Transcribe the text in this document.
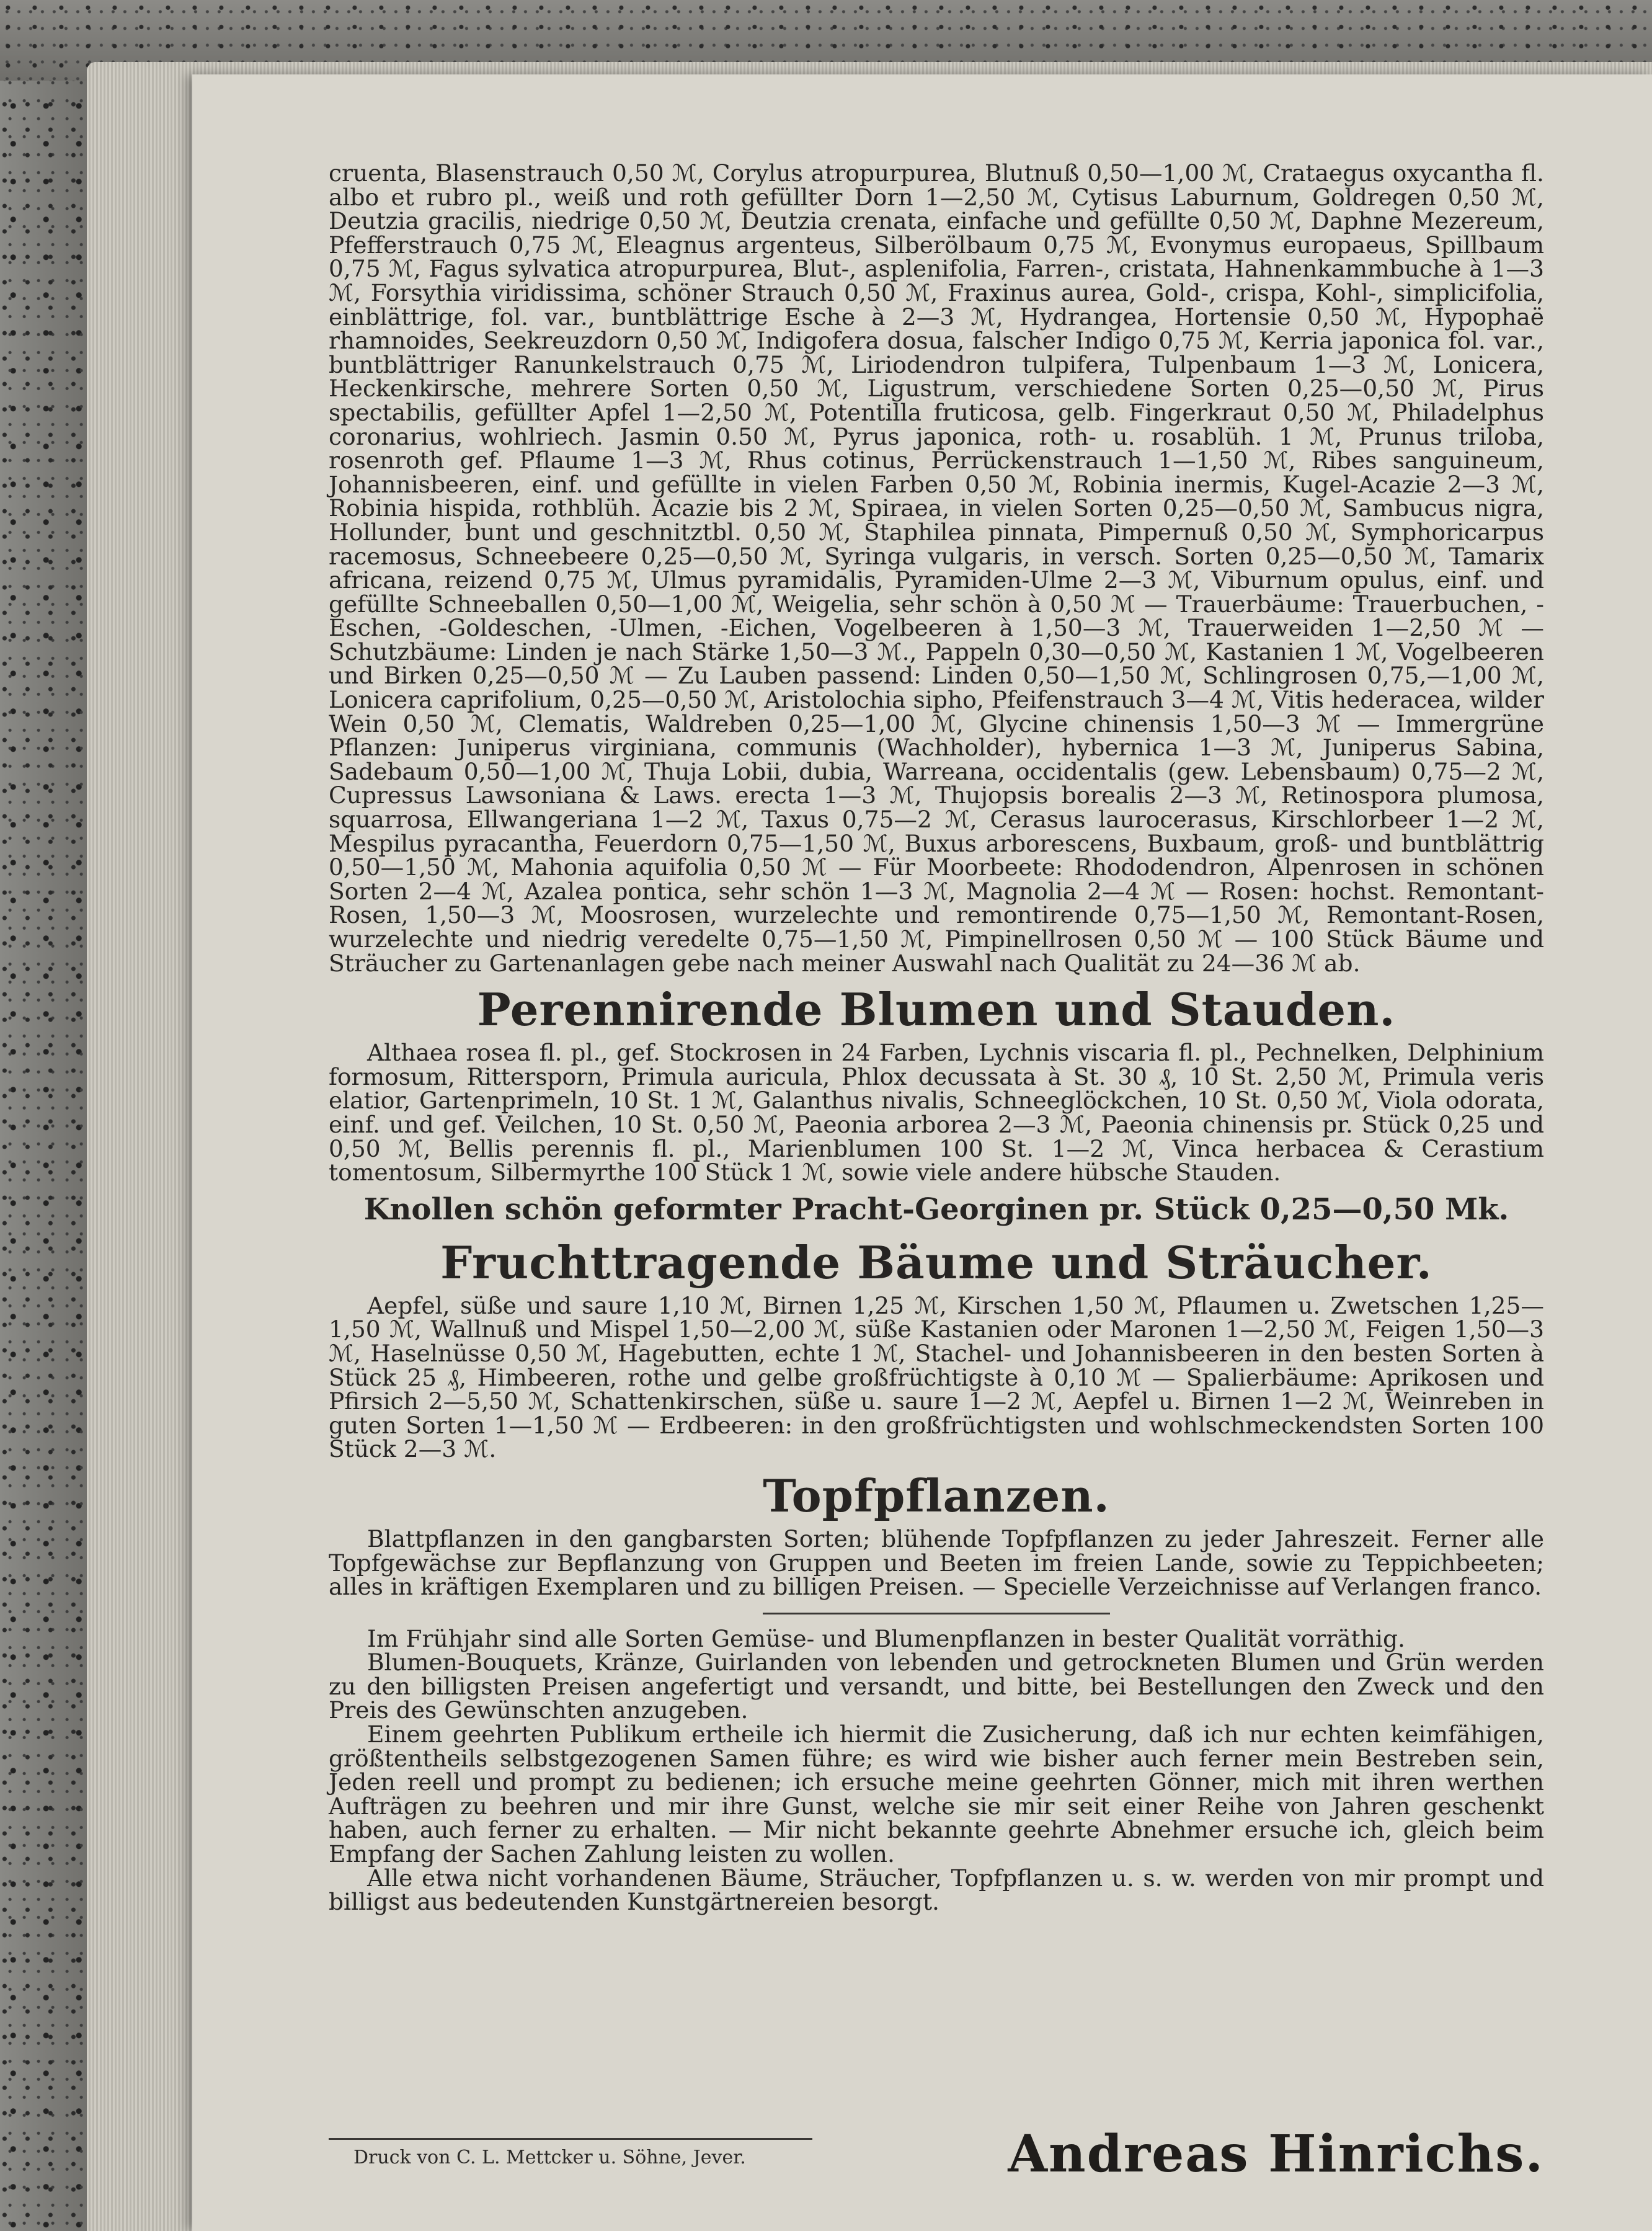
cruenta, Blasenstrauch 0,50 ℳ, Corylus atropurpurea, Blutnuß 0,50—1,00 ℳ, Crataegus oxycantha fl. albo et rubro pl., weiß und roth gefüllter Dorn 1—2,50 ℳ, Cytisus Laburnum, Goldregen 0,50 ℳ, Deutzia gracilis, niedrige 0,50 ℳ, Deutzia crenata, einfache und gefüllte 0,50 ℳ, Daphne Mezereum, Pfefferstrauch 0,75 ℳ, Eleagnus argenteus, Silberölbaum 0,75 ℳ, Evonymus europaeus, Spillbaum 0,75 ℳ, Fagus sylvatica atropurpurea, Blut-, asplenifolia, Farren-, cristata, Hahnenkammbuche à 1—3 ℳ, Forsythia viridissima, schöner Strauch 0,50 ℳ, Fraxinus aurea, Gold-, crispa, Kohl-, simplicifolia, einblättrige, fol. var., buntblättrige Esche à 2—3 ℳ, Hydrangea, Hortensie 0,50 ℳ, Hypophaë rhamnoides, Seekreuzdorn 0,50 ℳ, Indigofera dosua, falscher Indigo 0,75 ℳ, Kerria japonica fol. var., buntblättriger Ranunkelstrauch 0,75 ℳ, Liriodendron tulpifera, Tulpenbaum 1—3 ℳ, Lonicera, Heckenkirsche, mehrere Sorten 0,50 ℳ, Ligustrum, verschiedene Sorten 0,25—0,50 ℳ, Pirus spectabilis, gefüllter Apfel 1—2,50 ℳ, Potentilla fruticosa, gelb. Fingerkraut 0,50 ℳ, Philadelphus coronarius, wohlriech. Jasmin 0.50 ℳ, Pyrus japonica, roth- u. rosablüh. 1 ℳ, Prunus triloba, rosenroth gef. Pflaume 1—3 ℳ, Rhus cotinus, Perrückenstrauch 1—1,50 ℳ, Ribes sanguineum, Johannisbeeren, einf. und gefüllte in vielen Farben 0,50 ℳ, Robinia inermis, Kugel-Acazie 2—3 ℳ, Robinia hispida, rothblüh. Acazie bis 2 ℳ, Spiraea, in vielen Sorten 0,25—0,50 ℳ, Sambucus nigra, Hollunder, bunt und geschnitztbl. 0,50 ℳ, Staphilea pinnata, Pimpernuß 0,50 ℳ, Symphoricarpus racemosus, Schneebeere 0,25—0,50 ℳ, Syringa vulgaris, in versch. Sorten 0,25—0,50 ℳ, Tamarix africana, reizend 0,75 ℳ, Ulmus pyramidalis, Pyramiden-Ulme 2—3 ℳ, Viburnum opulus, einf. und gefüllte Schneeballen 0,50—1,00 ℳ, Weigelia, sehr schön à 0,50 ℳ — Trauerbäume: Trauerbuchen, -Eschen, -Goldeschen, -Ulmen, -Eichen, Vogelbeeren à 1,50—3 ℳ, Trauerweiden 1—2,50 ℳ — Schutzbäume: Linden je nach Stärke 1,50—3 ℳ., Pappeln 0,30—0,50 ℳ, Kastanien 1 ℳ, Vogelbeeren und Birken 0,25—0,50 ℳ — Zu Lauben passend: Linden 0,50—1,50 ℳ, Schlingrosen 0,75,—1,00 ℳ, Lonicera caprifolium, 0,25—0,50 ℳ, Aristolochia sipho, Pfeifenstrauch 3—4 ℳ, Vitis hederacea, wilder Wein 0,50 ℳ, Clematis, Waldreben 0,25—1,00 ℳ, Glycine chinensis 1,50—3 ℳ — Immergrüne Pflanzen: Juniperus virginiana, communis (Wachholder), hybernica 1—3 ℳ, Juniperus Sabina, Sadebaum 0,50—1,00 ℳ, Thuja Lobii, dubia, Warreana, occidentalis (gew. Lebensbaum) 0,75—2 ℳ, Cupressus Lawsoniana & Laws. erecta 1—3 ℳ, Thujopsis borealis 2—3 ℳ, Retinospora plumosa, squarrosa, Ellwangeriana 1—2 ℳ, Taxus 0,75—2 ℳ, Cerasus laurocerasus, Kirschlorbeer 1—2 ℳ, Mespilus pyracantha, Feuerdorn 0,75—1,50 ℳ, Buxus arborescens, Buxbaum, groß- und buntblättrig 0,50—1,50 ℳ, Mahonia aquifolia 0,50 ℳ — Für Moorbeete: Rhododendron, Alpenrosen in schönen Sorten 2—4 ℳ, Azalea pontica, sehr schön 1—3 ℳ, Magnolia 2—4 ℳ — Rosen: hochst. Remontant-Rosen, 1,50—3 ℳ, Moosrosen, wurzelechte und remontirende 0,75—1,50 ℳ, Remontant-Rosen, wurzelechte und niedrig veredelte 0,75—1,50 ℳ, Pimpinellrosen 0,50 ℳ — 100 Stück Bäume und Sträucher zu Gartenanlagen gebe nach meiner Auswahl nach Qualität zu 24—36 ℳ ab.

Perennirende Blumen und Stauden.

Althaea rosea fl. pl., gef. Stockrosen in 24 Farben, Lychnis viscaria fl. pl., Pechnelken, Delphinium formosum, Rittersporn, Primula auricula, Phlox decussata à St. 30 ₰, 10 St. 2,50 ℳ, Primula veris elatior, Gartenprimeln, 10 St. 1 ℳ, Galanthus nivalis, Schneeglöckchen, 10 St. 0,50 ℳ, Viola odorata, einf. und gef. Veilchen, 10 St. 0,50 ℳ, Paeonia arborea 2—3 ℳ, Paeonia chinensis pr. Stück 0,25 und 0,50 ℳ, Bellis perennis fl. pl., Marienblumen 100 St. 1—2 ℳ, Vinca herbacea & Cerastium tomentosum, Silbermyrthe 100 Stück 1 ℳ, sowie viele andere hübsche Stauden.

Knollen schön geformter Pracht-Georginen pr. Stück 0,25—0,50 Mk.
Fruchttragende Bäume und Sträucher.

Aepfel, süße und saure 1,10 ℳ, Birnen 1,25 ℳ, Kirschen 1,50 ℳ, Pflaumen u. Zwetschen 1,25—1,50 ℳ, Wallnuß und Mispel 1,50—2,00 ℳ, süße Kastanien oder Maronen 1—2,50 ℳ, Feigen 1,50—3 ℳ, Haselnüsse 0,50 ℳ, Hagebutten, echte 1 ℳ, Stachel- und Johannisbeeren in den besten Sorten à Stück 25 ₰, Himbeeren, rothe und gelbe großfrüchtigste à 0,10 ℳ — Spalierbäume: Aprikosen und Pfirsich 2—5,50 ℳ, Schattenkirschen, süße u. saure 1—2 ℳ, Aepfel u. Birnen 1—2 ℳ, Weinreben in guten Sorten 1—1,50 ℳ — Erdbeeren: in den großfrüchtigsten und wohlschmeckendsten Sorten 100 Stück 2—3 ℳ.

Topfpflanzen.

Blattpflanzen in den gangbarsten Sorten; blühende Topfpflanzen zu jeder Jahreszeit. Ferner alle Topfgewächse zur Bepflanzung von Gruppen und Beeten im freien Lande, sowie zu Teppichbeeten; alles in kräftigen Exemplaren und zu billigen Preisen. — Specielle Verzeichnisse auf Verlangen franco.

Im Frühjahr sind alle Sorten Gemüse- und Blumenpflanzen in bester Qualität vorräthig.

Blumen-Bouquets, Kränze, Guirlanden von lebenden und getrockneten Blumen und Grün werden zu den billigsten Preisen angefertigt und versandt, und bitte, bei Bestellungen den Zweck und den Preis des Gewünschten anzugeben.

Einem geehrten Publikum ertheile ich hiermit die Zusicherung, daß ich nur echten keimfähigen, größtentheils selbstgezogenen Samen führe; es wird wie bisher auch ferner mein Bestreben sein, Jeden reell und prompt zu bedienen; ich ersuche meine geehrten Gönner, mich mit ihren werthen Aufträgen zu beehren und mir ihre Gunst, welche sie mir seit einer Reihe von Jahren geschenkt haben, auch ferner zu erhalten. — Mir nicht bekannte geehrte Abnehmer ersuche ich, gleich beim Empfang der Sachen Zahlung leisten zu wollen.

Alle etwa nicht vorhandenen Bäume, Sträucher, Topfpflanzen u. s. w. werden von mir prompt und billigst aus bedeutenden Kunstgärtnereien besorgt.

Druck von C. L. Mettcker u. Söhne, Jever.	Andreas Hinrichs.
